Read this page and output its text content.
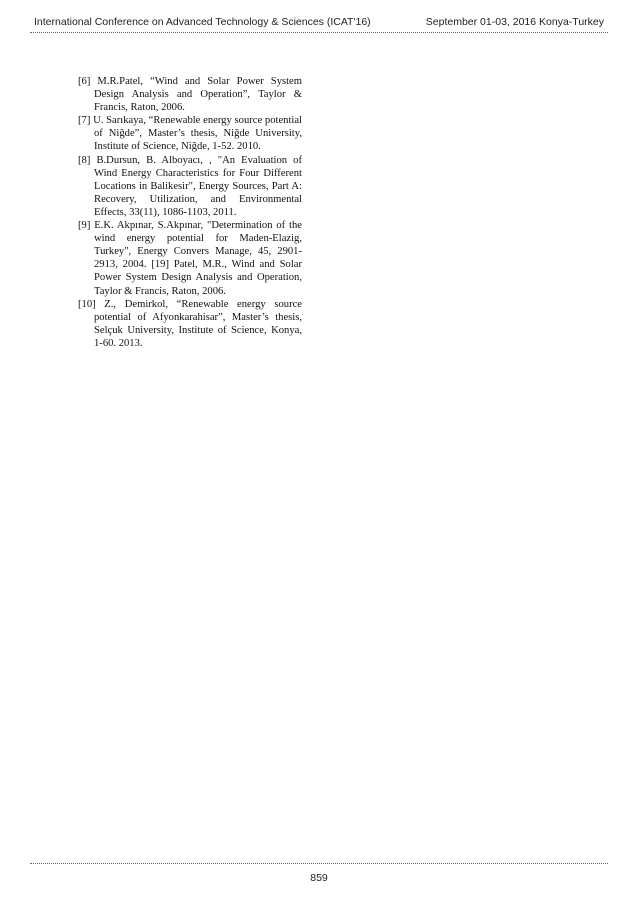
International Conference on Advanced Technology & Sciences (ICAT'16)	September 01-03, 2016 Konya-Turkey

[6] M.R.Patel, “Wind and Solar Power System Design Analysis and Operation”, Taylor & Francis, Raton, 2006.

[7] U. Sarıkaya, “Renewable energy source potential of Niğde”, Master’s thesis, Niğde University, Institute of Science, Niğde, 1-52. 2010.

[8] B.Dursun, B. Alboyacı, , "An Evaluation of Wind Energy Characteristics for Four Different Locations in Balikesir", Energy Sources, Part A: Recovery, Utilization, and Environmental Effects, 33(11), 1086-1103, 2011.

[9] E.K. Akpınar, S.Akpınar, "Determination of the wind energy potential for Maden-Elazig, Turkey", Energy Convers Manage, 45, 2901-2913, 2004. [19] Patel, M.R., Wind and Solar Power System Design Analysis and Operation, Taylor & Francis, Raton, 2006.

[10] Z., Demirkol, “Renewable energy source potential of Afyonkarahisar”, Master’s thesis, Selçuk University, Institute of Science, Konya, 1-60. 2013.

859
